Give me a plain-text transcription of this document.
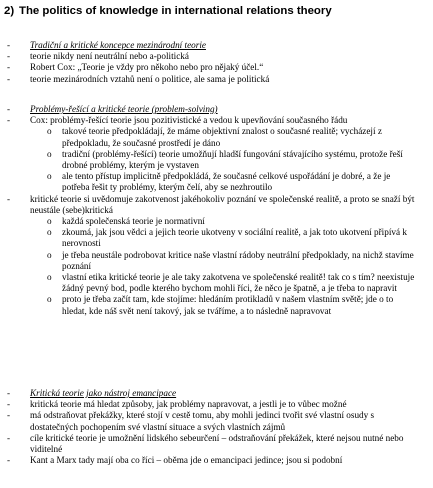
2) The politics of knowledge in international relations theory
- Tradiční a kritické koncepce mezinárodní teorie
- teorie nikdy není neutrální nebo a-politická
- Robert Cox: „Teorie je vždy pro někoho nebo pro nějaký účel.“
- teorie mezinárodních vztahů není o politice, ale sama je politická
- Problémy-řešící a kritické teorie (problem-solving)
- Cox: problémy-řešící teorie jsou pozitivistické a vedou k upevňování současného řádu
o takové teorie předpokládají, že máme objektivní znalost o současné realitě; vycházejí z předpokladu, že současné prostředí je dáno
o tradiční (problémy-řešící) teorie umožňují hladší fungování stávajícího systému, protože řeší drobné problémy, kterým je vystaven
o ale tento přístup implicitně předpokládá, že současné celkové uspořádání je dobré, a že je potřeba řešit ty problémy, kterým čelí, aby se nezhroutilo
- kritické teorie si uvědomuje zakotvenost jakéhokoliv poznání ve společenské realitě, a proto se snaží být neustále (sebe)kritická
o každá společenská teorie je normativní
o zkoumá, jak jsou vědci a jejich teorie ukotveny v sociální realitě, a jak toto ukotvení připívá k nerovnosti
o je třeba neustále podrobovat kritice naše vlastní rádoby neutrální předpoklady, na nichž stavíme poznání
o vlastní etika kritické teorie je ale taky zakotvena ve společenské realitě! tak co s tím? neexistuje žádný pevný bod, podle kterého bychom mohli říci, že něco je špatně, a je třeba to napravit
o proto je třeba začít tam, kde stojíme: hledáním protikladů v našem vlastním světě; jde o to hledat, kde náš svět není takový, jak se tváříme, a to následně napravovat
- Kritická teorie jako nástroj emancipace
- kritická teorie má hledat způsoby, jak problémy napravovat, a jestli je to vůbec možné
- má odstraňovat překážky, které stojí v cestě tomu, aby mohli jedinci tvořit své vlastní osudy s dostatečných pochopením své vlastní situace a svých vlastních zájmů
- cíle kritické teorie je umožnění lidského sebeurčení – odstraňování překážek, které nejsou nutné nebo viditelné
- Kant a Marx tady mají oba co říci – oběma jde o emancipaci jedince; jsou si podobní
